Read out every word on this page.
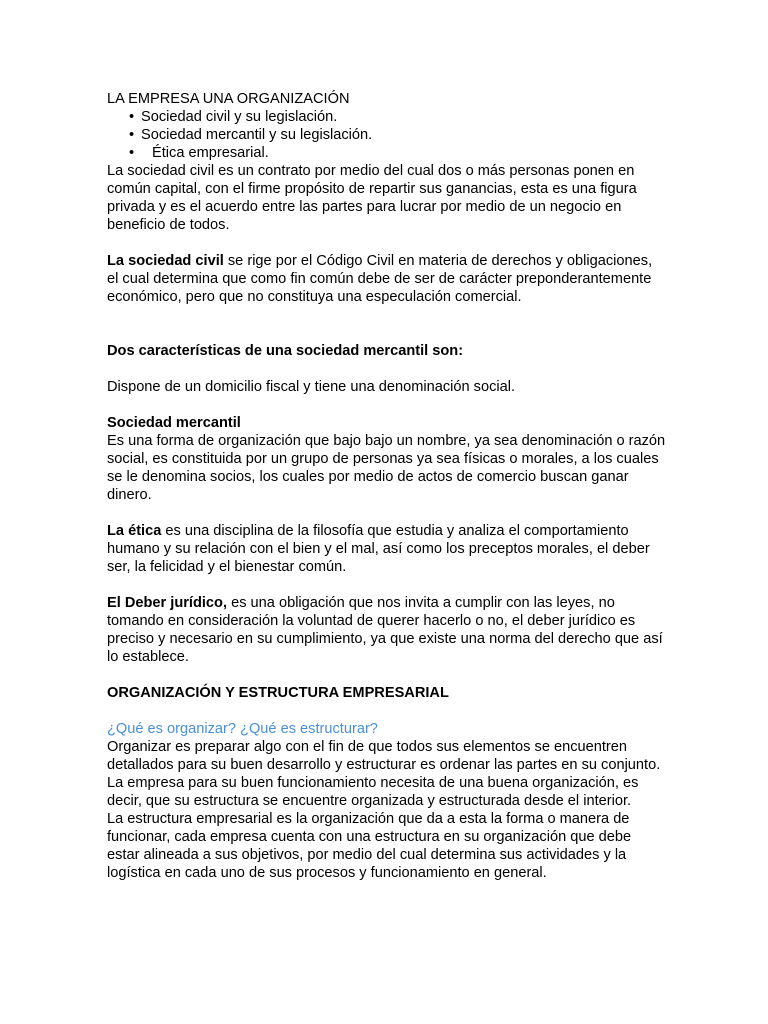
LA EMPRESA UNA ORGANIZACIÓN

• Sociedad civil y su legislación.
• Sociedad mercantil y su legislación.
• Ética empresarial.

La sociedad civil es un contrato por medio del cual dos o más personas ponen en común capital, con el firme propósito de repartir sus ganancias, esta es una figura privada y es el acuerdo entre las partes para lucrar por medio de un negocio en beneficio de todos.

La sociedad civil se rige por el Código Civil en materia de derechos y obligaciones, el cual determina que como fin común debe de ser de carácter preponderantemente económico, pero que no constituya una especulación comercial.

Dos características de una sociedad mercantil son:

Dispone de un domicilio fiscal y tiene una denominación social.

Sociedad mercantil

Es una forma de organización que bajo bajo un nombre, ya sea denominación o razón social, es constituida por un grupo de personas ya sea físicas o morales, a los cuales se le denomina socios, los cuales por medio de actos de comercio buscan ganar dinero.

La ética es una disciplina de la filosofía que estudia y analiza el comportamiento humano y su relación con el bien y el mal, así como los preceptos morales, el deber ser, la felicidad y el bienestar común.

El Deber jurídico, es una obligación que nos invita a cumplir con las leyes, no tomando en consideración la voluntad de querer hacerlo o no, el deber jurídico es preciso y necesario en su cumplimiento, ya que existe una norma del derecho que así lo establece.

ORGANIZACIÓN Y ESTRUCTURA EMPRESARIAL

¿Qué es organizar? ¿Qué es estructurar?

Organizar es preparar algo con el fin de que todos sus elementos se encuentren detallados para su buen desarrollo y estructurar es ordenar las partes en su conjunto.

La empresa para su buen funcionamiento necesita de una buena organización, es decir, que su estructura se encuentre organizada y estructurada desde el interior.

La estructura empresarial es la organización que da a esta la forma o manera de funcionar, cada empresa cuenta con una estructura en su organización que debe estar alineada a sus objetivos, por medio del cual determina sus actividades y la logística en cada uno de sus procesos y funcionamiento en general.
